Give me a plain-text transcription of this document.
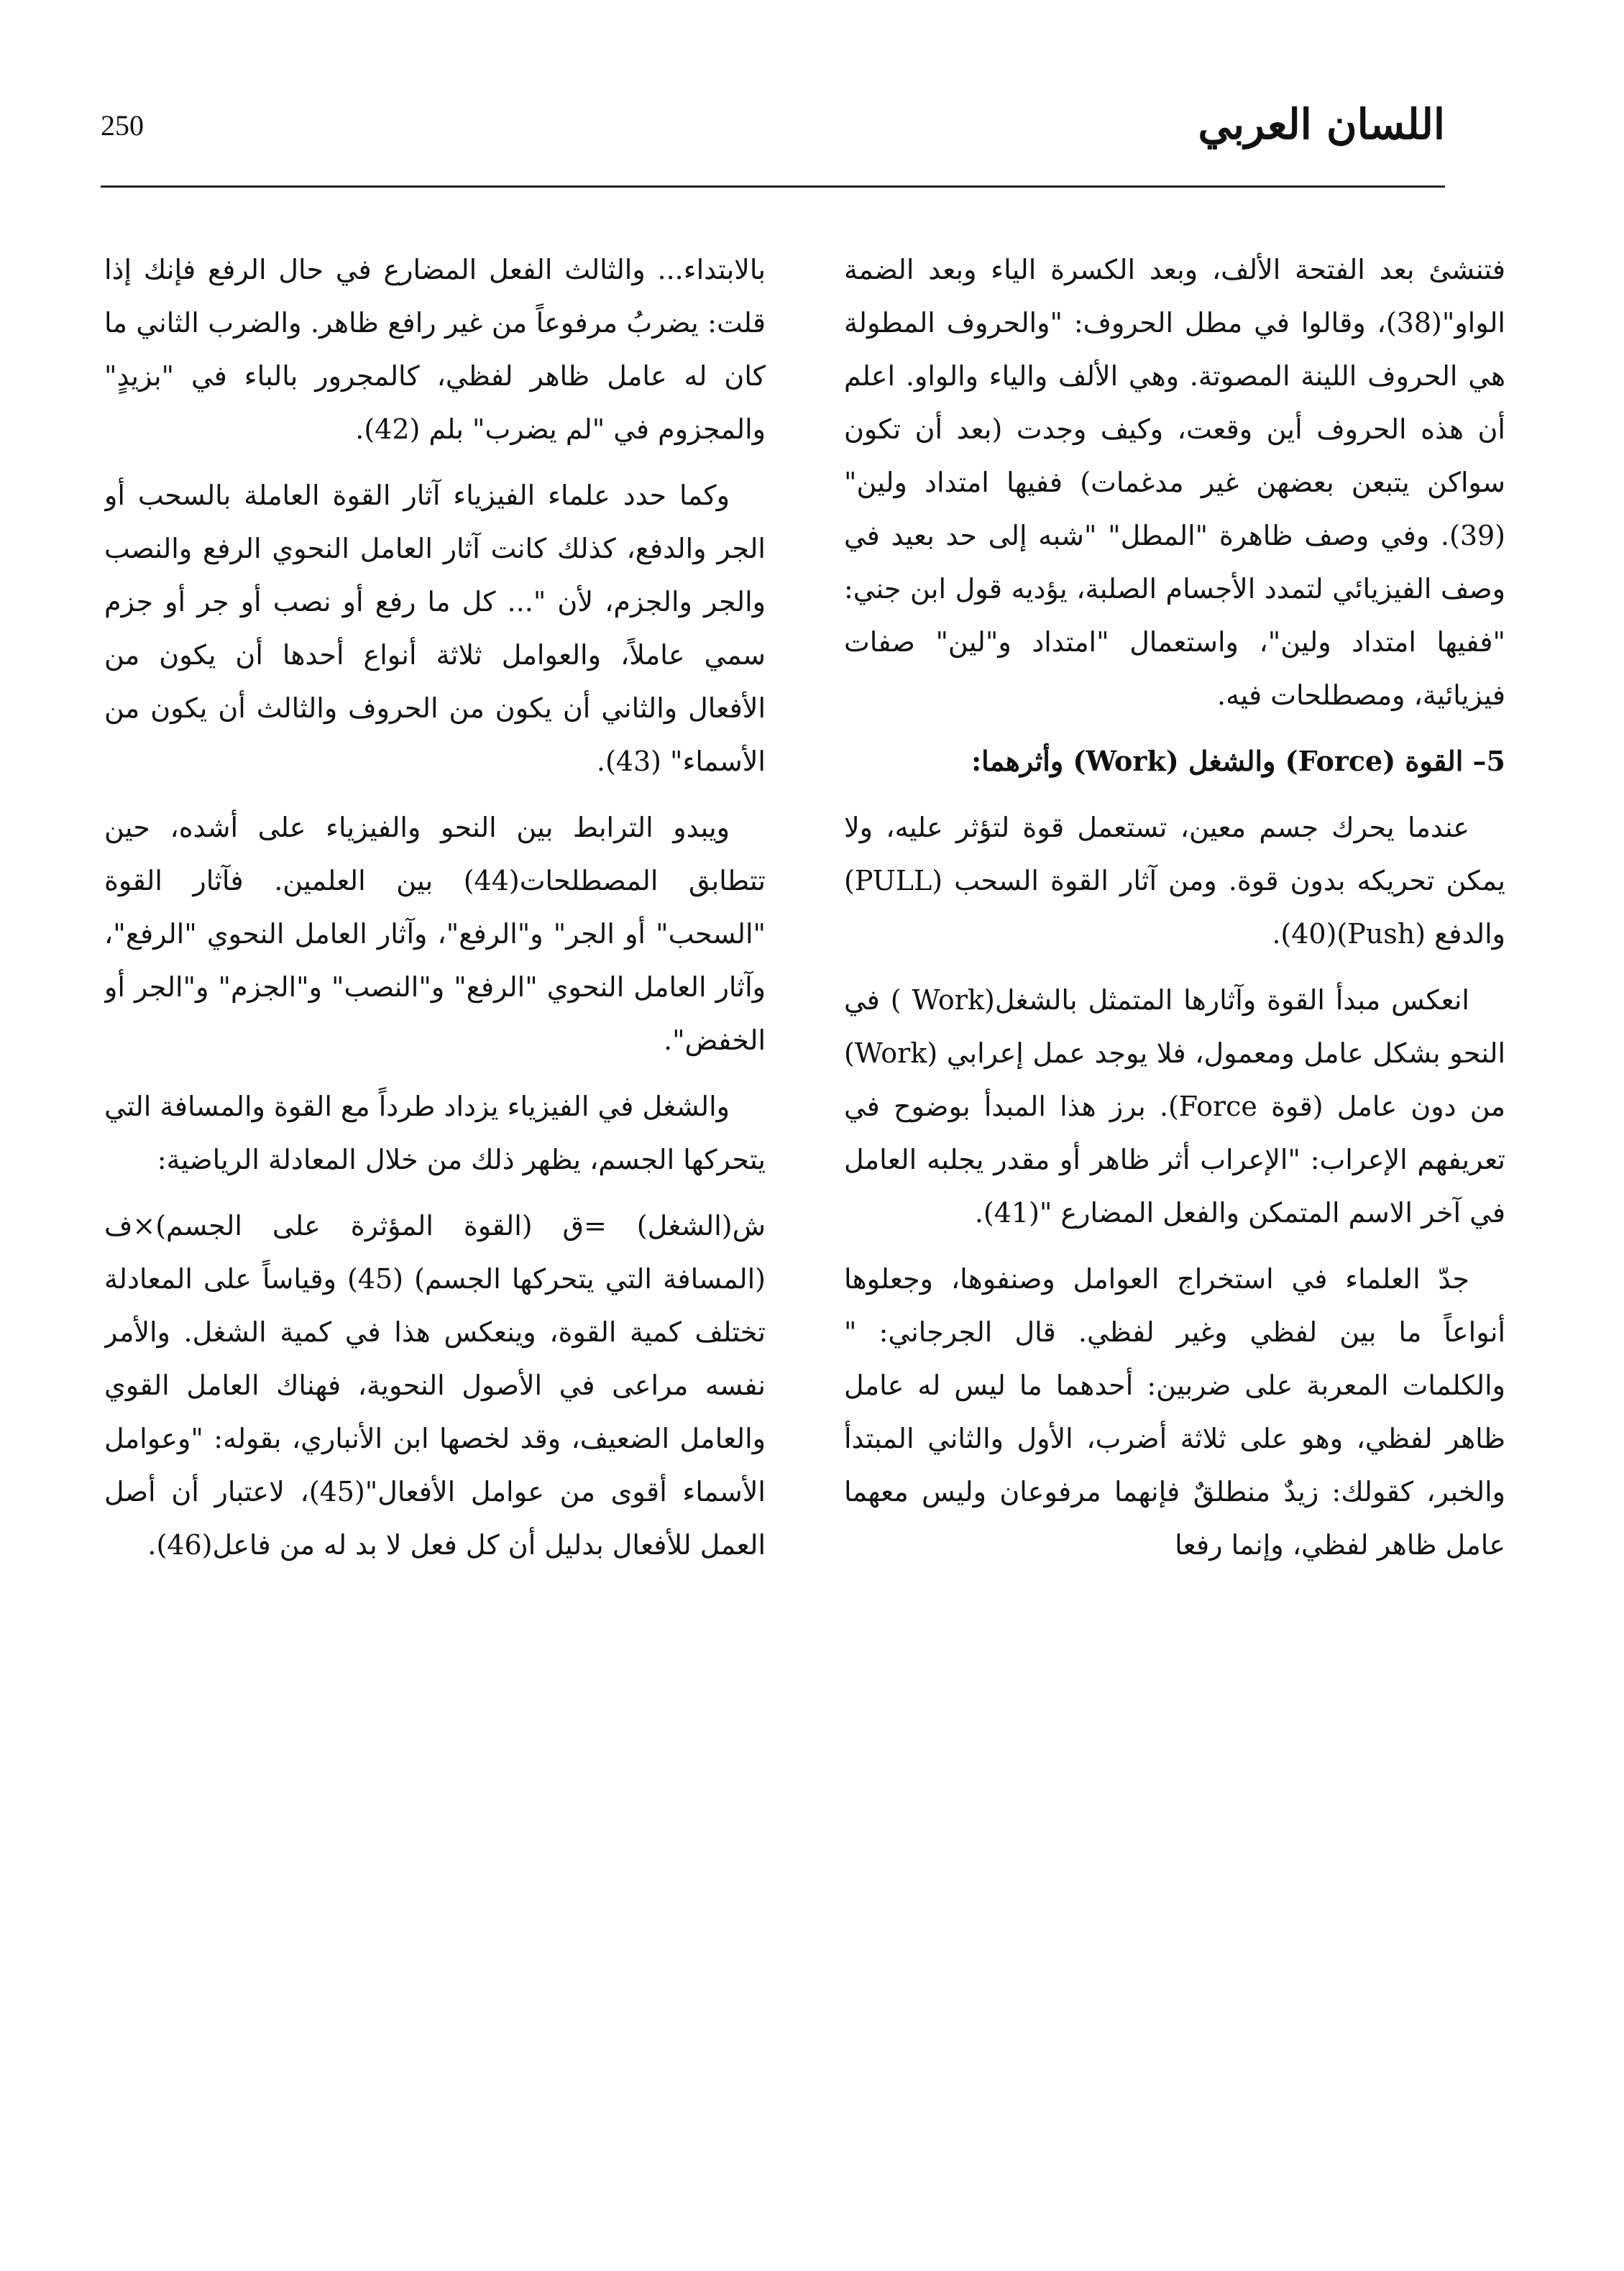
اللسان العربي
250

فتنشئ بعد الفتحة الألف، وبعد الكسرة الياء وبعد الضمة الواو"(38)، وقالوا في مطل الحروف: "والحروف المطولة هي الحروف اللينة المصوتة. وهي الألف والياء والواو. اعلم أن هذه الحروف أين وقعت، وكيف وجدت (بعد أن تكون سواكن يتبعن بعضهن غير مدغمات) ففيها امتداد ولين"(39). وفي وصف ظاهرة "المطل" "شبه إلى حد بعيد في وصف الفيزيائي لتمدد الأجسام الصلبة، يؤديه قول ابن جني: "ففيها امتداد ولين"، واستعمال "امتداد و"لين" صفات فيزيائية، ومصطلحات فيه.

5– القوة (Force) والشغل (Work) وأثرهما:

عندما يحرك جسم معين، تستعمل قوة لتؤثر عليه، ولا يمكن تحريكه بدون قوة. ومن آثار القوة السحب (PULL) والدفع (Push)(40).

انعكس مبدأ القوة وآثارها المتمثل بالشغل(Work ) في النحو بشكل عامل ومعمول، فلا يوجد عمل إعرابي (Work) من دون عامل (قوة Force). برز هذا المبدأ بوضوح في تعريفهم الإعراب: "الإعراب أثر ظاهر أو مقدر يجلبه العامل في آخر الاسم المتمكن والفعل المضارع "(41).

جدّ العلماء في استخراج العوامل وصنفوها، وجعلوها أنواعاً ما بين لفظي وغير لفظي. قال الجرجاني: " والكلمات المعربة على ضربين: أحدهما ما ليس له عامل ظاهر لفظي، وهو على ثلاثة أضرب، الأول والثاني المبتدأ والخبر، كقولك: زيدٌ منطلقٌ فإنهما مرفوعان وليس معهما عامل ظاهر لفظي، وإنما رفعا

بالابتداء... والثالث الفعل المضارع في حال الرفع فإنك إذا قلت: يضربُ مرفوعاً من غير رافع ظاهر. والضرب الثاني ما كان له عامل ظاهر لفظي، كالمجرور بالباء في "بزيدٍ" والمجزوم في "لم يضرب" بلم (42).

وكما حدد علماء الفيزياء آثار القوة العاملة بالسحب أو الجر والدفع، كذلك كانت آثار العامل النحوي الرفع والنصب والجر والجزم، لأن "... كل ما رفع أو نصب أو جر أو جزم سمي عاملاً، والعوامل ثلاثة أنواع أحدها أن يكون من الأفعال والثاني أن يكون من الحروف والثالث أن يكون من الأسماء" (43).

ويبدو الترابط بين النحو والفيزياء على أشده، حين تتطابق المصطلحات(44) بين العلمين. فآثار القوة "السحب" أو الجر" و"الرفع"، وآثار العامل النحوي "الرفع"، وآثار العامل النحوي "الرفع" و"النصب" و"الجزم" و"الجر أو الخفض".

والشغل في الفيزياء يزداد طرداً مع القوة والمسافة التي يتحركها الجسم، يظهر ذلك من خلال المعادلة الرياضية:

ش(الشغل) =ق (القوة المؤثرة على الجسم)×ف (المسافة التي يتحركها الجسم) (45) وقياساً على المعادلة تختلف كمية القوة، وينعكس هذا في كمية الشغل. والأمر نفسه مراعى في الأصول النحوية، فهناك العامل القوي والعامل الضعيف، وقد لخصها ابن الأنباري، بقوله: "وعوامل الأسماء أقوى من عوامل الأفعال"(45)، لاعتبار أن أصل العمل للأفعال بدليل أن كل فعل لا بد له من فاعل(46).
